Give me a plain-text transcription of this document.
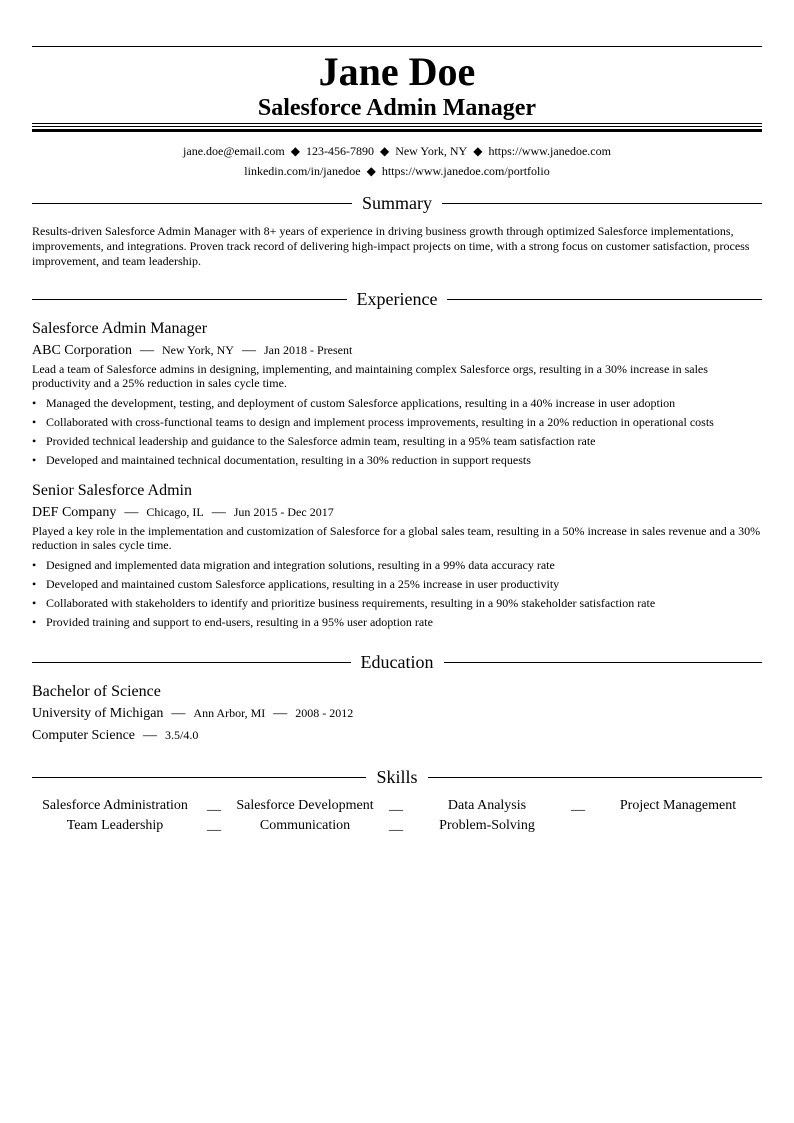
Jane Doe
Salesforce Admin Manager
jane.doe@email.com ◆ 123-456-7890 ◆ New York, NY ◆ https://www.janedoe.com
linkedin.com/in/janedoe ◆ https://www.janedoe.com/portfolio
Summary
Results-driven Salesforce Admin Manager with 8+ years of experience in driving business growth through optimized Salesforce implementations, improvements, and integrations. Proven track record of delivering high-impact projects on time, with a strong focus on customer satisfaction, process improvement, and team leadership.
Experience
Salesforce Admin Manager
ABC Corporation — New York, NY — Jan 2018 - Present
Lead a team of Salesforce admins in designing, implementing, and maintaining complex Salesforce orgs, resulting in a 30% increase in sales productivity and a 25% reduction in sales cycle time.
• Managed the development, testing, and deployment of custom Salesforce applications, resulting in a 40% increase in user adoption
• Collaborated with cross-functional teams to design and implement process improvements, resulting in a 20% reduction in operational costs
• Provided technical leadership and guidance to the Salesforce admin team, resulting in a 95% team satisfaction rate
• Developed and maintained technical documentation, resulting in a 30% reduction in support requests
Senior Salesforce Admin
DEF Company — Chicago, IL — Jun 2015 - Dec 2017
Played a key role in the implementation and customization of Salesforce for a global sales team, resulting in a 50% increase in sales revenue and a 30% reduction in sales cycle time.
• Designed and implemented data migration and integration solutions, resulting in a 99% data accuracy rate
• Developed and maintained custom Salesforce applications, resulting in a 25% increase in user productivity
• Collaborated with stakeholders to identify and prioritize business requirements, resulting in a 90% stakeholder satisfaction rate
• Provided training and support to end-users, resulting in a 95% user adoption rate
Education
Bachelor of Science
University of Michigan — Ann Arbor, MI — 2008 - 2012
Computer Science — 3.5/4.0
Skills
Salesforce Administration	__	Salesforce Development	__	Data Analysis	__	Project Management
Team Leadership	__	Communication	__	Problem-Solving
